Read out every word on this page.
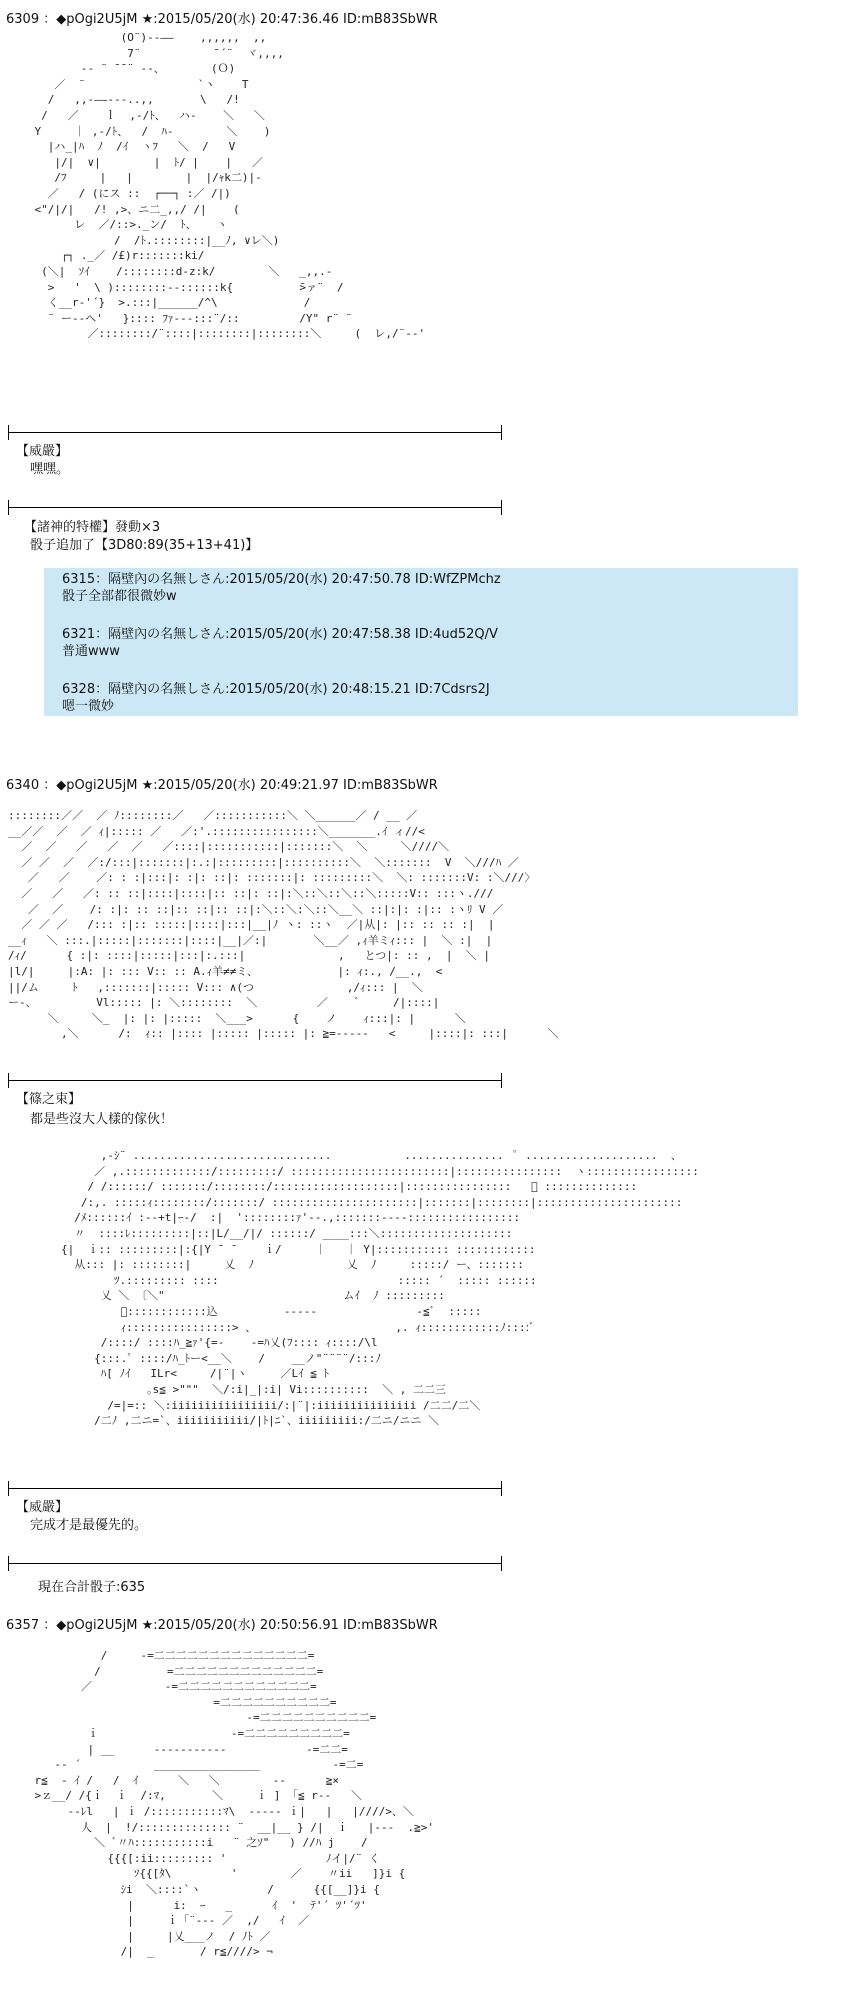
6309 ：◆pOgi2U5jM ★:2015/05/20(水) 20:47:36.46 ID:mB83SbWR
(O¨)--――    ,,,,,,  ,,
7¨           ̄ ´¨  ヾ,,,,
-- ¨ ̄ ̄ ¨ ‐-、       (Ｏ)
／  ¨                 `ヽ    T
/   ,,-――‐--..,,       \   /!
/   ／    ｌ  ,-/ﾄ、  ハ-    ＼   ＼
Y     ｜ ,-/ﾄ、  /  ﾊ-        ＼    )
|ハ_|ﾊ  ﾉ  /ｲ  ヽﾌ   ＼  /   V
|/|  ∨|        |  ﾄ/ |    |   ／
/ﾌ     |   |        |  |/ｬk二)|-
／   / (にス ::  ┌──┐ :／ /|)
<"/|/|   /! ,>、ニ二_,,/ /|    (
レ  ／/::>._ン/  ﾄ、   ヽ
/  /ﾄ.::::::::|__ﾉ, ∨レ＼)
┌┐ ._／ /£)r:::::::ki/
(＼|  ｿｲ    /::::::::d-z:k/        ＼   _,,.-
>   '  \ )::::::::-‐::::::k{          ̄>ァ¨  /
く__r-'´}  >.:::|______/^\             /
¨ ー--ヘ'   }:::: ﾌｧ--‐:::¨/::         /Y" r¨ ¨
／::::::::/¨::::|::::::::|::::::::＼     (  レ,/¨‐-'
【威嚴】
嘿嘿。
【諸神的特權】發動×3
骰子追加了【3D80:89(35+13+41)】
6315：隔壁內の名無しさん:2015/05/20(水) 20:47:50.78 ID:WfZPMchz
骰子全部都很微妙w
6321：隔壁內の名無しさん:2015/05/20(水) 20:47:58.38 ID:4ud52Q/V
普通www
6328：隔壁內の名無しさん:2015/05/20(水) 20:48:15.21 ID:7Cdsrs2J
嗯一微妙
6340 ：◆pOgi2U5jM ★:2015/05/20(水) 20:49:21.97 ID:mB83SbWR
::::::::／／  ／ ﾉ::::::::／   ／:::::::::::＼ ＼______／ / __ ／
__／／  ／  ／ ｨ|::::: ／   ／:'.::::::::::::::::＼_______.ｲ ィ//<
／  ／   ／   ／  ／   ／::::|:::::::::::|:::::::＼  ＼     ＼////＼
／ ／  ／  ／:/:::|:::::::|:.:|:::::::::|::::::::::＼  ＼:::::::  V  ＼///ﾊ ／
／   ／    ／: : :|:::|: :|: ::|: :::::::|: :::::::::＼  ＼: :::::::V: :＼///〉
／   ／   ／: :: ::|::::|::::|:: ::|: ::|:＼::＼::＼::＼:::::V:: :::ヽ.///
／  ／    /: :|: :: ::|:: ::|:: ::|:＼::＼:＼::＼__＼ ::|:|: :|:: :ヽﾘ V ／
／ ／ ／   /::: :|:: :::::|::::|:::|__|ﾉ ヽ: ::ヽ  ／|从|: |:: :: :: :|  |
__ｨ   ＼ :::.|:::::|:::::::|::::|__|／:|       ＼__／ ,ｨ羊ミｨ::: |  ＼ :|  |
/ｨ/      { :|: ::::|:::::|:::|:.:::|              ,   とつ|: :: ,  |  ＼ |
|l/|     |:A: |: ::: V:: :: A.ｨ羊≠≠ミ、            |: ｨ:., /__.,  <
||/ム     ﾄ   ,:::::::|::::: V::: ∧(つ              ,/ｨ::: |  ＼
ー-、         Vl::::: |: ＼::::::::  ＼         ／    ﾞ     /|::::|
＼     ＼_  |: |: |:::::  ＼___>      {    ノ    ｨ:::|: |      ＼
,＼      /:  ｨ:: |:::: |::::: |::::: |: ≧=-----   <     |::::|: :::|      ＼
【篠之束】
都是些沒大人樣的傢伙！
,-ｼ¨ ..............................           ...............  ﾟ ....................  、
／ ,.:::::::::::::/:::::::::/ ::::::::::::::::::::::::|::::::::::::::::  ヽ:::::::::::::::::
/ /::::::/ :::::::/::::::::/:::::::::::::::::::|::::::::::::::::   ﾟ ::::::::::::::
/:,. :::::ｨ::::::::/:::::::/ ::::::::::::::::::::::|:::::::|::::::::|::::::::::::::::::::::
/ﾒ::::::ｲ :--+t|ｰ-/  :|  '::::::::ｧ'--.,:::::::----:::::::::::::::::
〃  ::::ﾚ:::::::::|::|L/__/|/ ::::::/ ____:::＼::::::::::::::::::::
{|  ｉ:: :::::::::|:{|Y ̄  ̄     ｉ/     ｜   ｜ Y|::::::::::: ::::::::::::
从::: |: ::::::::|     乂  ﾉ              乂  ﾉ     :::::/ ー、:::::::
ﾂ.::::::::: ::::                           ::::: ´  ::::: ::::::
乂 ＼ 〔＼"                           ムｲ  ﾉ :::::::::
ﾞ::::::::::::込          -----               -≦ﾞ  :::::
ｨ::::::::::::::::> 、                     ,. ｨ::::::::::::ﾉ::::ﾞ
/::::/ ::::ﾊ_≧ｧ'{=-    -=ﾊ乂(ﾌ:::: ｨ::::/\l
{:::.ﾟ ::::/ﾊ_ﾄー<__＼    /    __ノ"¨¨¨¨/:::ﾉ
ﾊ[ ﾉｲ   ILr<     /|¨|ヽ     ／Lｲ ≦ ﾄ
｡s≦ >"""  ＼/:i|_|:i| Vi::::::::::  ＼ , 二二三
/=|=:: ＼:iiiiiiiiiiiiiiii/:|¨|:iiiiiiiiiiiiiii /二二/二＼
/二ﾉ ,二ニ=`、iiiiiiiiiii/|ﾄ|ﾆ`、iiiiiiiii:/二ニ/ニニ ＼
【威嚴】
完成才是最優先的。
現在合計骰子:635
6357 ：◆pOgi2U5jM ★:2015/05/20(水) 20:50:56.91 ID:mB83SbWR
/     -=二二二二二二二二二二二二二二=
/          =二二二二二二二二二二二二二=
／           -=二二二二二二二二二二二二=
=二二二二二二二二二二=
-=二二二二二二二二二二=
ｉ                    -=二二二二二二二二二=
| __      ‐----‐‐---‐            -=二二=
-- ´           ________________           -=二=
r≦  ‐ ｲ /   /  ｲ      ＼   ＼        --      ≧×
>ｚ__/ /{ｉ  ｉ  /:ﾏ,       ＼     ｉ ] 「≦ r--   ＼
--ﾚl   | ｉ /:::::::::::ﾏ\  ----- ｉ|   |   |////>、＼
人  |  !/:::::::::::::: ¨  __|__ } /|  ｉ   |---  .≧>'
＼ ﾞ〃ﾊ:::::::::::i   ¨ 之ｿ"   ) //ﾊ j    /
{{{[:ii::::::::: '               ﾉイ|/¨ く
ｿ{{[ﾀ\         '        ／    〃ii   ]}i {
ｼi  ＼::::`ヽ          /      {{[__]}i {
|      i:  ｰ   _      ｲ  '  ﾃ'´ ﾂ'´ﾂ'
|     ｉ「¨--- ／  ,/   ｲ  ／
|     |乂___ノ  / ﾉﾄ ／
/|  _       / r≦////> ¬
